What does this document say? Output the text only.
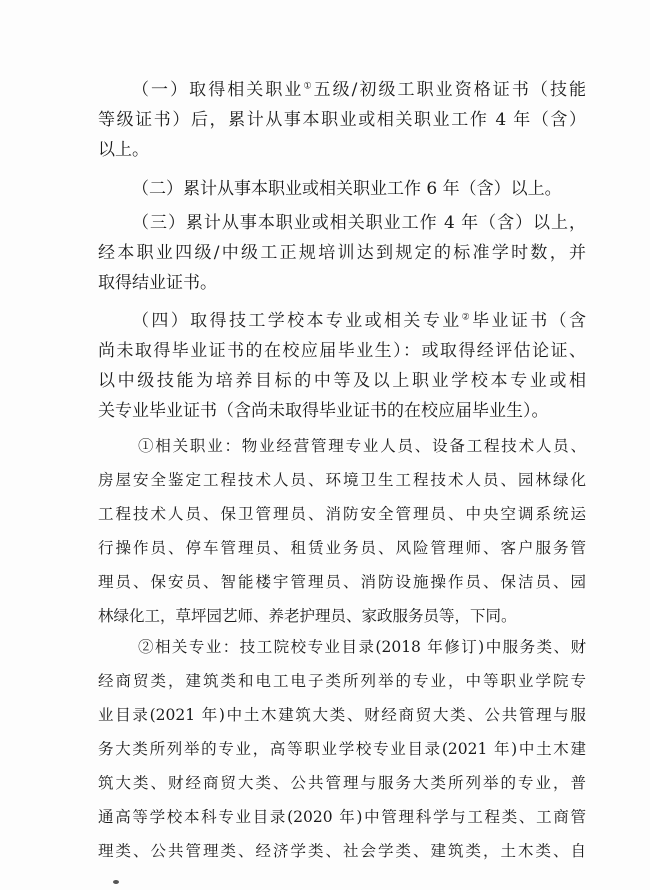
（一）取得相关职业①五级/初级工职业资格证书（技能
等级证书）后，累计从事本职业或相关职业工作 4 年（含）
以上。
（二）累计从事本职业或相关职业工作 6 年（含）以上。
（三）累计从事本职业或相关职业工作 4 年（含）以上，
经本职业四级/中级工正规培训达到规定的标准学时数，并
取得结业证书。
（四）取得技工学校本专业或相关专业②毕业证书（含
尚未取得毕业证书的在校应届毕业生）：或取得经评估论证、
以中级技能为培养目标的中等及以上职业学校本专业或相
关专业毕业证书（含尚未取得毕业证书的在校应届毕业生）。
①相关职业：物业经营管理专业人员、设备工程技术人员、
房屋安全鉴定工程技术人员、环境卫生工程技术人员、园林绿化
工程技术人员、保卫管理员、消防安全管理员、中央空调系统运
行操作员、停车管理员、租赁业务员、风险管理师、客户服务管
理员、保安员、智能楼宇管理员、消防设施操作员、保洁员、园
林绿化工，草坪园艺师、养老护理员、家政服务员等，下同。
②相关专业：技工院校专业目录(2018 年修订)中服务类、财
经商贸类，建筑类和电工电子类所列举的专业，中等职业学院专
业目录(2021 年)中土木建筑大类、财经商贸大类、公共管理与服
务大类所列举的专业，高等职业学校专业目录(2021 年)中土木建
筑大类、财经商贸大类、公共管理与服务大类所列举的专业，普
通高等学校本科专业目录(2020 年)中管理科学与工程类、工商管
理类、公共管理类、经济学类、社会学类、建筑类，土木类、自
